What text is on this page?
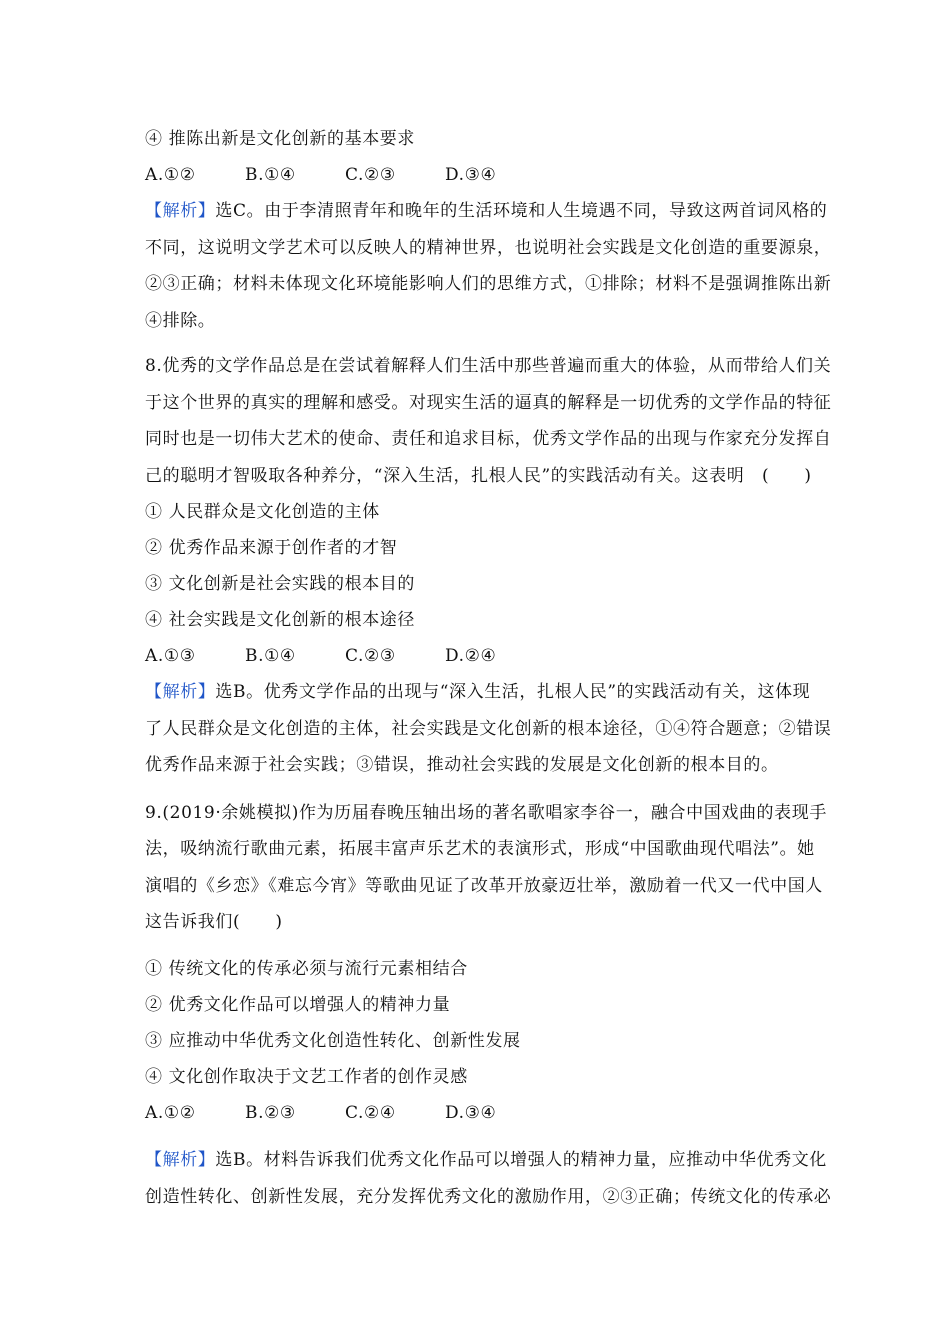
④ 推陈出新是文化创新的基本要求
A.①②	B.①④	C.②③	D.③④
【解析】选C。由于李清照青年和晚年的生活环境和人生境遇不同，导致这两首词风格的
不同，这说明文学艺术可以反映人的精神世界，也说明社会实践是文化创造的重要源泉，
②③正确；材料未体现文化环境能影响人们的思维方式，①排除；材料不是强调推陈出新
④排除。
8.优秀的文学作品总是在尝试着解释人们生活中那些普遍而重大的体验，从而带给人们关
于这个世界的真实的理解和感受。对现实生活的逼真的解释是一切优秀的文学作品的特征
同时也是一切伟大艺术的使命、责任和追求目标，优秀文学作品的出现与作家充分发挥自
己的聪明才智吸取各种养分，“深入生活，扎根人民”的实践活动有关。这表明　(　　)
① 人民群众是文化创造的主体
② 优秀作品来源于创作者的才智
③ 文化创新是社会实践的根本目的
④ 社会实践是文化创新的根本途径
A.①③	B.①④	C.②③	D.②④
【解析】选B。优秀文学作品的出现与“深入生活，扎根人民”的实践活动有关，这体现
了人民群众是文化创造的主体，社会实践是文化创新的根本途径，①④符合题意；②错误
优秀作品来源于社会实践；③错误，推动社会实践的发展是文化创新的根本目的。
9.(2019·余姚模拟)作为历届春晚压轴出场的著名歌唱家李谷一，融合中国戏曲的表现手
法，吸纳流行歌曲元素，拓展丰富声乐艺术的表演形式，形成“中国歌曲现代唱法”。她
演唱的《乡恋》《难忘今宵》等歌曲见证了改革开放豪迈壮举，激励着一代又一代中国人
这告诉我们(　　)
① 传统文化的传承必须与流行元素相结合
② 优秀文化作品可以增强人的精神力量
③ 应推动中华优秀文化创造性转化、创新性发展
④ 文化创作取决于文艺工作者的创作灵感
A.①②	B.②③	C.②④	D.③④
【解析】选B。材料告诉我们优秀文化作品可以增强人的精神力量，应推动中华优秀文化
创造性转化、创新性发展，充分发挥优秀文化的激励作用，②③正确；传统文化的传承必
